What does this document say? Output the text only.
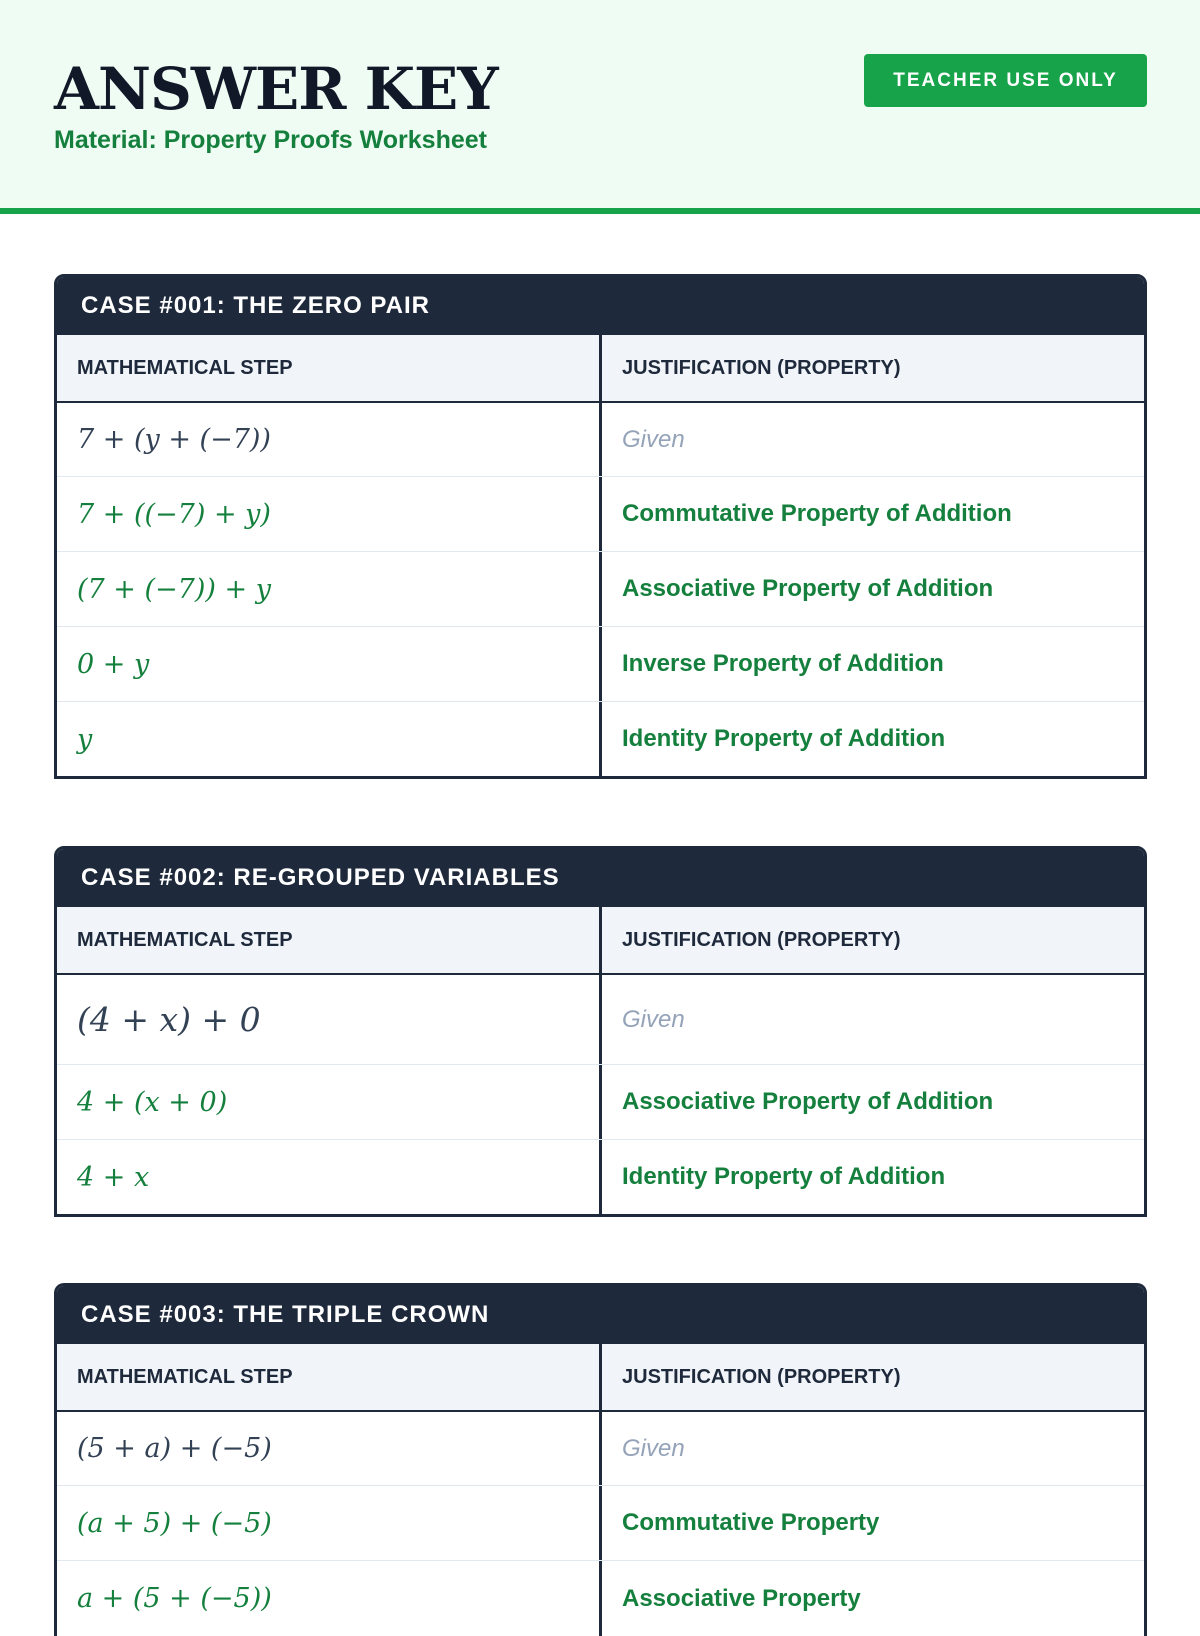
ANSWER KEY
Material: Property Proofs Worksheet
TEACHER USE ONLY
CASE #001: THE ZERO PAIR
MATHEMATICAL STEP	JUSTIFICATION (PROPERTY)
7 + (y + (−7))	Given
7 + ((−7) + y)	Commutative Property of Addition
(7 + (−7)) + y	Associative Property of Addition
0 + y	Inverse Property of Addition
y	Identity Property of Addition
CASE #002: RE-GROUPED VARIABLES
MATHEMATICAL STEP	JUSTIFICATION (PROPERTY)
(4 + x) + 0	Given
4 + (x + 0)	Associative Property of Addition
4 + x	Identity Property of Addition
CASE #003: THE TRIPLE CROWN
MATHEMATICAL STEP	JUSTIFICATION (PROPERTY)
(5 + a) + (−5)	Given
(a + 5) + (−5)	Commutative Property
a + (5 + (−5))	Associative Property
